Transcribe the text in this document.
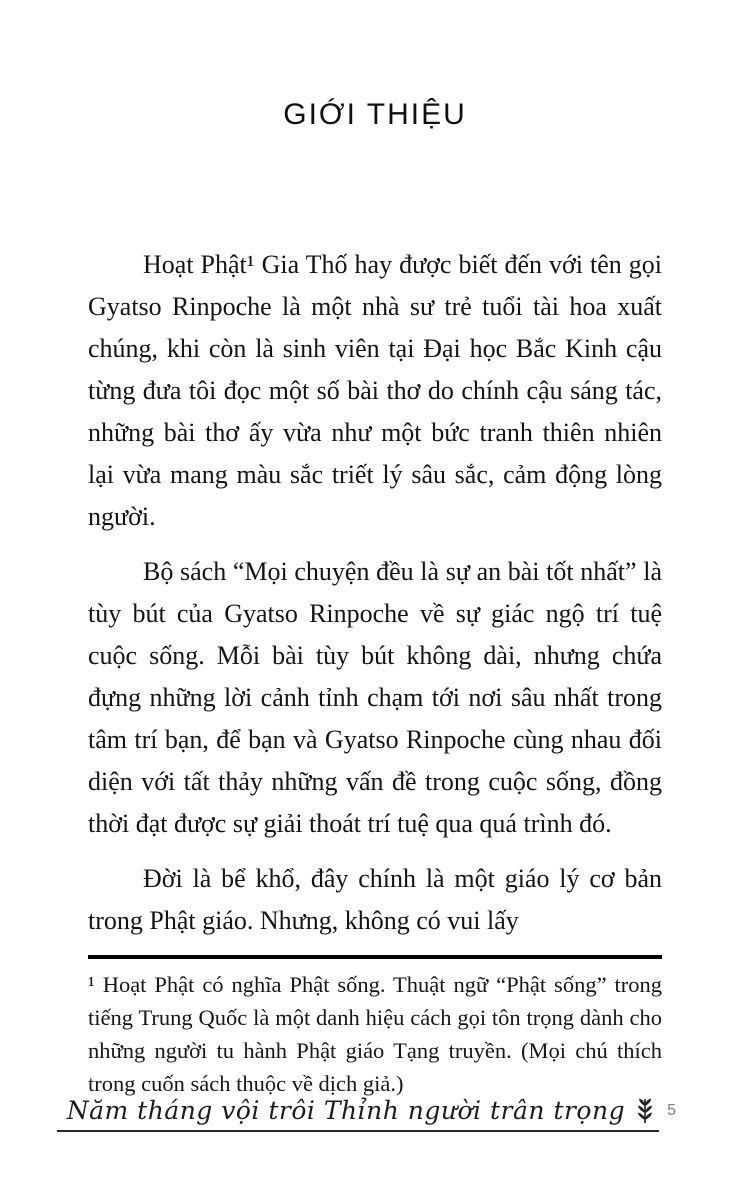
GIỚI THIỆU

Hoạt Phật¹ Gia Thố hay được biết đến với tên gọi Gyatso Rinpoche là một nhà sư trẻ tuổi tài hoa xuất chúng, khi còn là sinh viên tại Đại học Bắc Kinh cậu từng đưa tôi đọc một số bài thơ do chính cậu sáng tác, những bài thơ ấy vừa như một bức tranh thiên nhiên lại vừa mang màu sắc triết lý sâu sắc, cảm động lòng người.

Bộ sách “Mọi chuyện đều là sự an bài tốt nhất” là tùy bút của Gyatso Rinpoche về sự giác ngộ trí tuệ cuộc sống. Mỗi bài tùy bút không dài, nhưng chứa đựng những lời cảnh tỉnh chạm tới nơi sâu nhất trong tâm trí bạn, để bạn và Gyatso Rinpoche cùng nhau đối diện với tất thảy những vấn đề trong cuộc sống, đồng thời đạt được sự giải thoát trí tuệ qua quá trình đó.

Đời là bể khổ, đây chính là một giáo lý cơ bản trong Phật giáo. Nhưng, không có vui lấy

¹ Hoạt Phật có nghĩa Phật sống. Thuật ngữ “Phật sống” trong tiếng Trung Quốc là một danh hiệu cách gọi tôn trọng dành cho những người tu hành Phật giáo Tạng truyền. (Mọi chú thích trong cuốn sách thuộc về dịch giả.)
Năm tháng vội trôi Thỉnh người trân trọng	5
